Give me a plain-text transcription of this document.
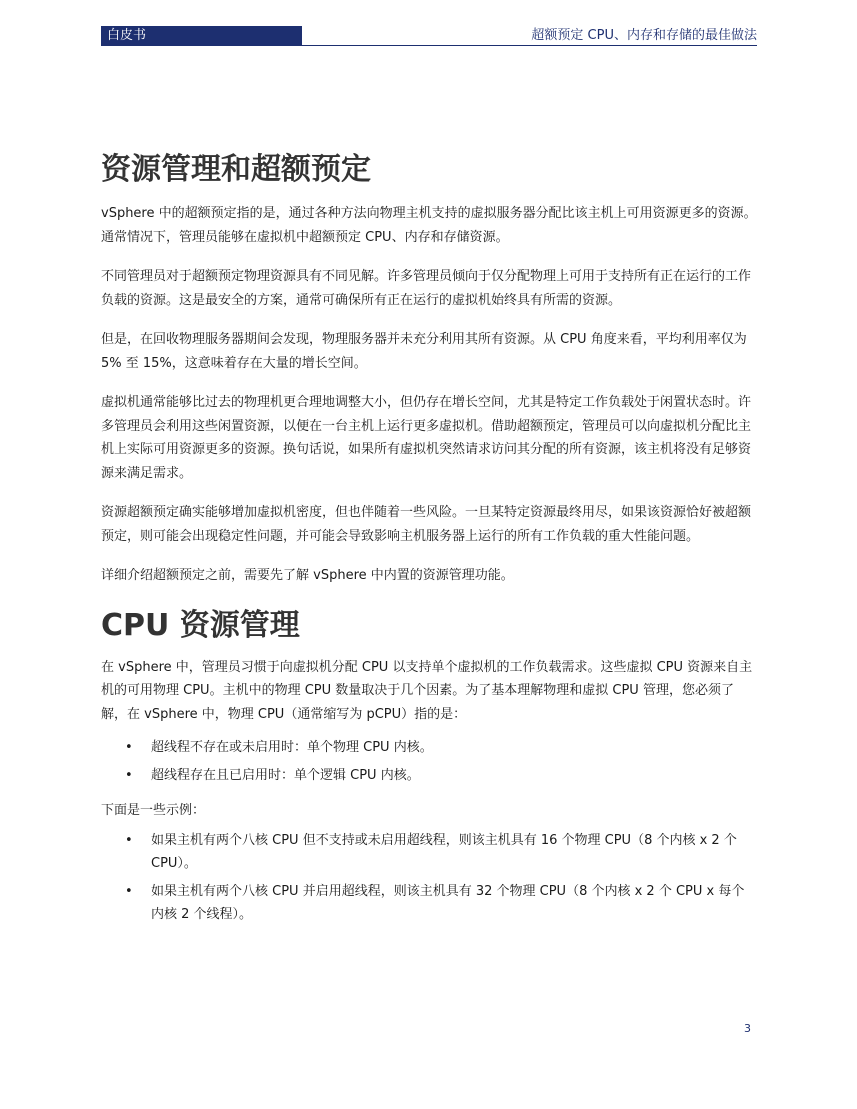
白皮书	超额预定 CPU、内存和存储的最佳做法
资源管理和超额预定

vSphere 中的超额预定指的是，通过各种方法向物理主机支持的虚拟服务器分配比该主机上可用资源更多的资源。通常情况下，管理员能够在虚拟机中超额预定 CPU、内存和存储资源。

不同管理员对于超额预定物理资源具有不同见解。许多管理员倾向于仅分配物理上可用于支持所有正在运行的工作负载的资源。这是最安全的方案，通常可确保所有正在运行的虚拟机始终具有所需的资源。

但是，在回收物理服务器期间会发现，物理服务器并未充分利用其所有资源。从 CPU 角度来看，平均利用率仅为 5% 至 15%，这意味着存在大量的增长空间。

虚拟机通常能够比过去的物理机更合理地调整大小，但仍存在增长空间，尤其是特定工作负载处于闲置状态时。许多管理员会利用这些闲置资源，以便在一台主机上运行更多虚拟机。借助超额预定，管理员可以向虚拟机分配比主机上实际可用资源更多的资源。换句话说，如果所有虚拟机突然请求访问其分配的所有资源，该主机将没有足够资源来满足需求。

资源超额预定确实能够增加虚拟机密度，但也伴随着一些风险。一旦某特定资源最终用尽，如果该资源恰好被超额预定，则可能会出现稳定性问题，并可能会导致影响主机服务器上运行的所有工作负载的重大性能问题。

详细介绍超额预定之前，需要先了解 vSphere 中内置的资源管理功能。

CPU 资源管理

在 vSphere 中，管理员习惯于向虚拟机分配 CPU 以支持单个虚拟机的工作负载需求。这些虚拟 CPU 资源来自主机的可用物理 CPU。主机中的物理 CPU 数量取决于几个因素。为了基本理解物理和虚拟 CPU 管理，您必须了解，在 vSphere 中，物理 CPU（通常缩写为 pCPU）指的是：

• 超线程不存在或未启用时：单个物理 CPU 内核。
• 超线程存在且已启用时：单个逻辑 CPU 内核。

下面是一些示例：

• 如果主机有两个八核 CPU 但不支持或未启用超线程，则该主机具有 16 个物理 CPU（8 个内核 x 2 个 CPU）。
• 如果主机有两个八核 CPU 并启用超线程，则该主机具有 32 个物理 CPU（8 个内核 x 2 个 CPU x 每个内核 2 个线程）。
3
